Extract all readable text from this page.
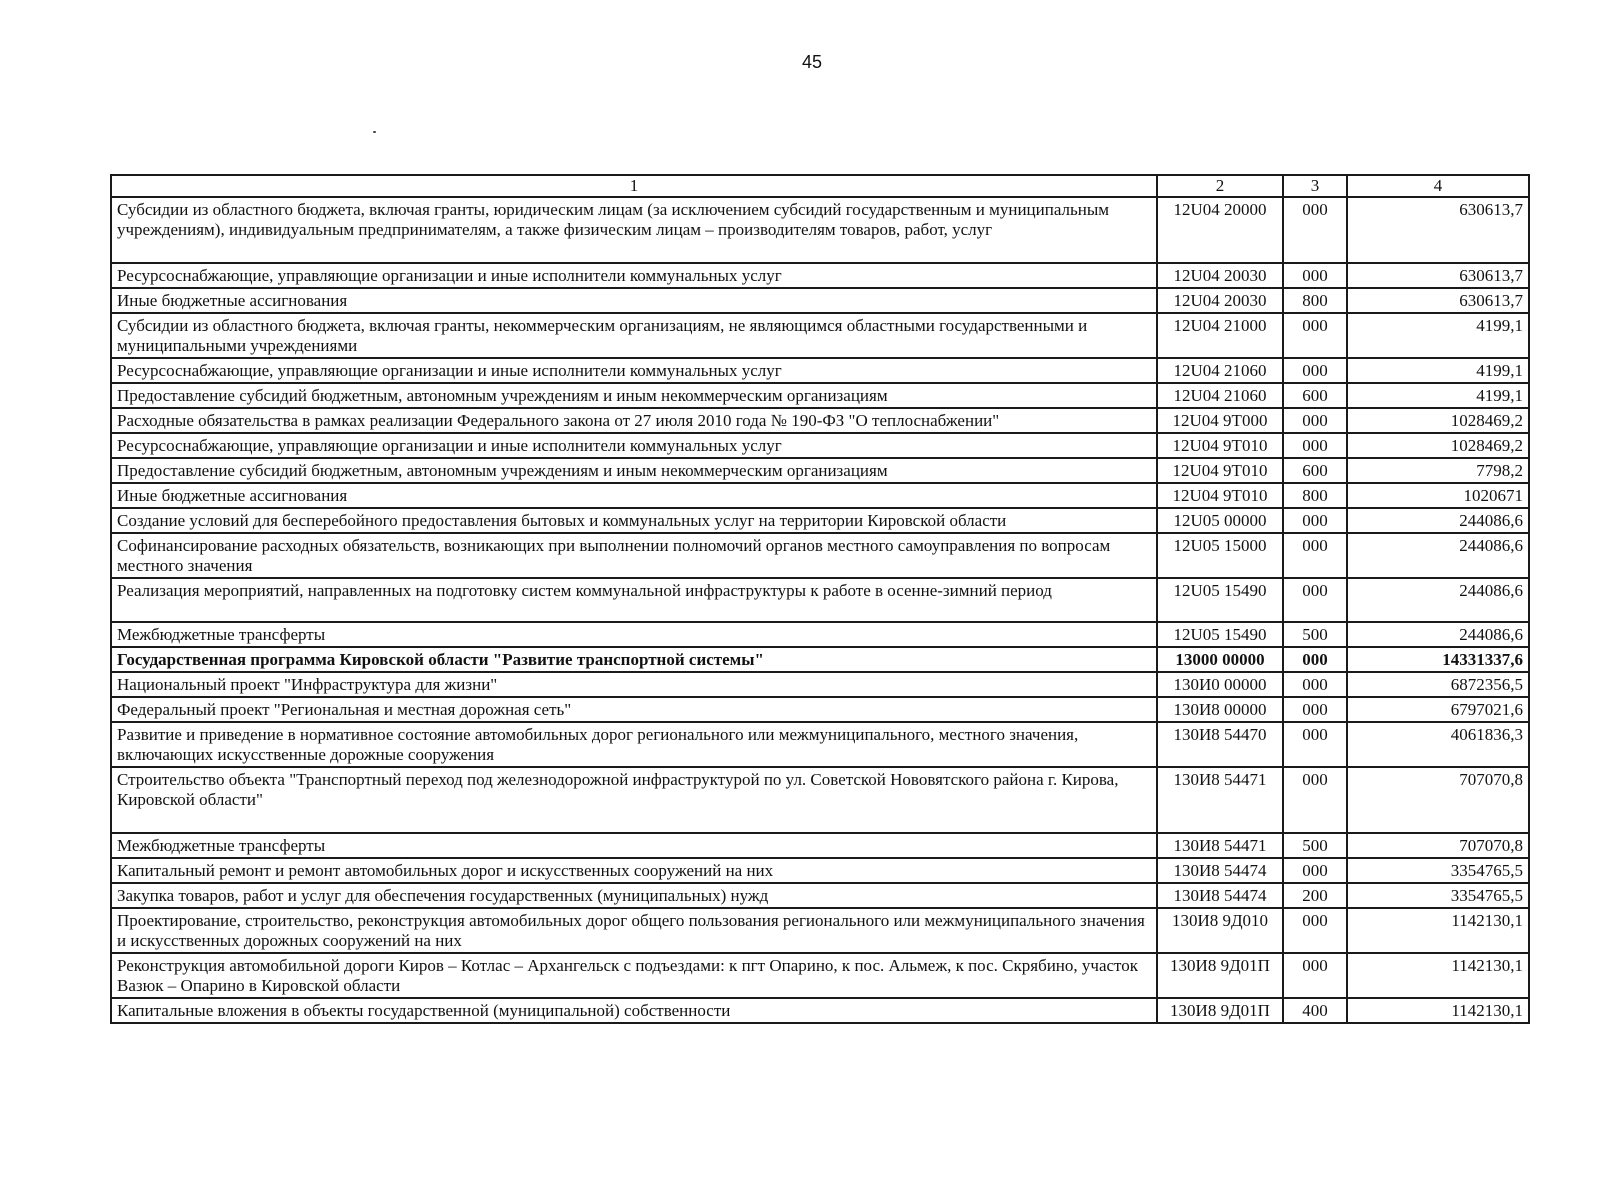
45
1	2	3	4
Субсидии из областного бюджета, включая гранты, юридическим лицам (за исключением субсидий государственным и муниципальным учреждениям), индивидуальным предпринимателям, а также физическим лицам – производителям товаров, работ, услуг	12U04 20000	000	630613,7
Ресурсоснабжающие, управляющие организации и иные исполнители коммунальных услуг	12U04 20030	000	630613,7
Иные бюджетные ассигнования	12U04 20030	800	630613,7
Субсидии из областного бюджета, включая гранты, некоммерческим организациям, не являющимся областными государственными и муниципальными учреждениями	12U04 21000	000	4199,1
Ресурсоснабжающие, управляющие организации и иные исполнители коммунальных услуг	12U04 21060	000	4199,1
Предоставление субсидий бюджетным, автономным учреждениям и иным некоммерческим организациям	12U04 21060	600	4199,1
Расходные обязательства в рамках реализации Федерального закона от 27 июля 2010 года № 190-ФЗ "О теплоснабжении"	12U04 9T000	000	1028469,2
Ресурсоснабжающие, управляющие организации и иные исполнители коммунальных услуг	12U04 9T010	000	1028469,2
Предоставление субсидий бюджетным, автономным учреждениям и иным некоммерческим организациям	12U04 9T010	600	7798,2
Иные бюджетные ассигнования	12U04 9T010	800	1020671
Создание условий для бесперебойного предоставления бытовых и коммунальных услуг на территории Кировской области	12U05 00000	000	244086,6
Софинансирование расходных обязательств, возникающих при выполнении полномочий органов местного самоуправления по вопросам местного значения	12U05 15000	000	244086,6
Реализация мероприятий, направленных на подготовку систем коммунальной инфраструктуры к работе в осенне-зимний период	12U05 15490	000	244086,6
Межбюджетные трансферты	12U05 15490	500	244086,6
Государственная программа Кировской области "Развитие транспортной системы"	13000 00000	000	14331337,6
Национальный проект "Инфраструктура для жизни"	130И0 00000	000	6872356,5
Федеральный проект "Региональная и местная дорожная сеть"	130И8 00000	000	6797021,6
Развитие и приведение в нормативное состояние автомобильных дорог регионального или межмуниципального, местного значения, включающих искусственные дорожные сооружения	130И8 54470	000	4061836,3
Строительство объекта "Транспортный переход под железнодорожной инфраструктурой по ул. Советской Нововятского района г. Кирова, Кировской области"	130И8 54471	000	707070,8
Межбюджетные трансферты	130И8 54471	500	707070,8
Капитальный ремонт и ремонт автомобильных дорог и искусственных сооружений на них	130И8 54474	000	3354765,5
Закупка товаров, работ и услуг для обеспечения государственных (муниципальных) нужд	130И8 54474	200	3354765,5
Проектирование, строительство, реконструкция автомобильных дорог общего пользования регионального или межмуниципального значения и искусственных дорожных сооружений на них	130И8 9Д010	000	1142130,1
Реконструкция автомобильной дороги Киров – Котлас – Архангельск с подъездами: к пгт Опарино, к пос. Альмеж, к пос. Скрябино, участок Вазюк – Опарино в Кировской области	130И8 9Д01П	000	1142130,1
Капитальные вложения в объекты государственной (муниципальной) собственности	130И8 9Д01П	400	1142130,1
